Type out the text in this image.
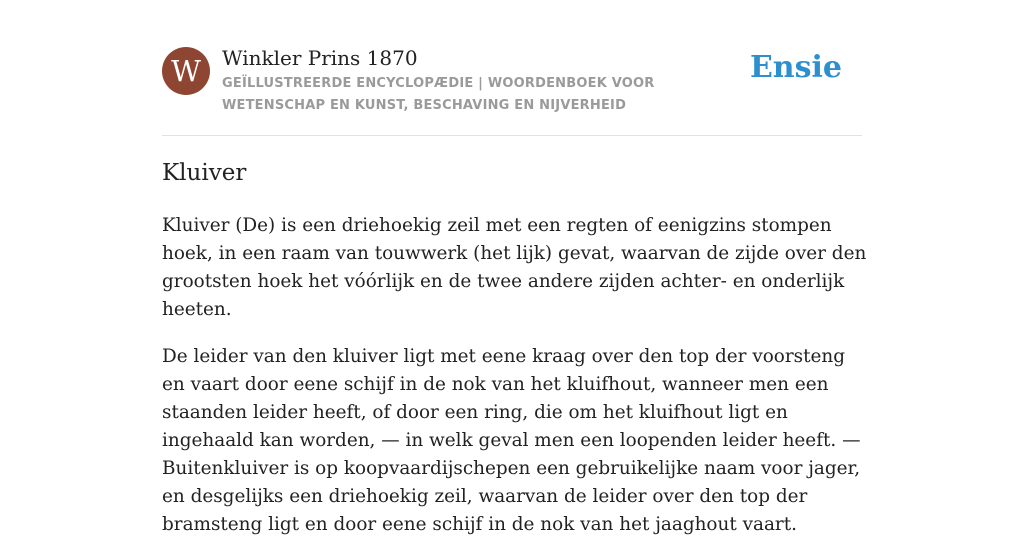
W	Winkler Prins 1870
GEÏLLUSTREERDE ENCYCLOPÆDIE | WOORDENBOEK VOOR WETENSCHAP EN KUNST, BESCHAVING EN NIJVERHEID
Ensie
Kluiver

Kluiver (De) is een driehoekig zeil met een regten of eenigzins stompen hoek, in een raam van touwwerk (het lijk) gevat, waarvan de zijde over den grootsten hoek het vóórlijk en de twee andere zijden achter- en onderlijk heeten.

De leider van den kluiver ligt met eene kraag over den top der voorsteng en vaart door eene schijf in de nok van het kluifhout, wanneer men een staanden leider heeft, of door een ring, die om het kluifhout ligt en ingehaald kan worden, — in welk geval men een loopenden leider heeft. — Buitenkluiver is op koopvaardijschepen een gebruikelijke naam voor jager, en desgelijks een driehoekig zeil, waarvan de leider over den top der bramsteng ligt en door eene schijf in de nok van het jaaghout vaart.
